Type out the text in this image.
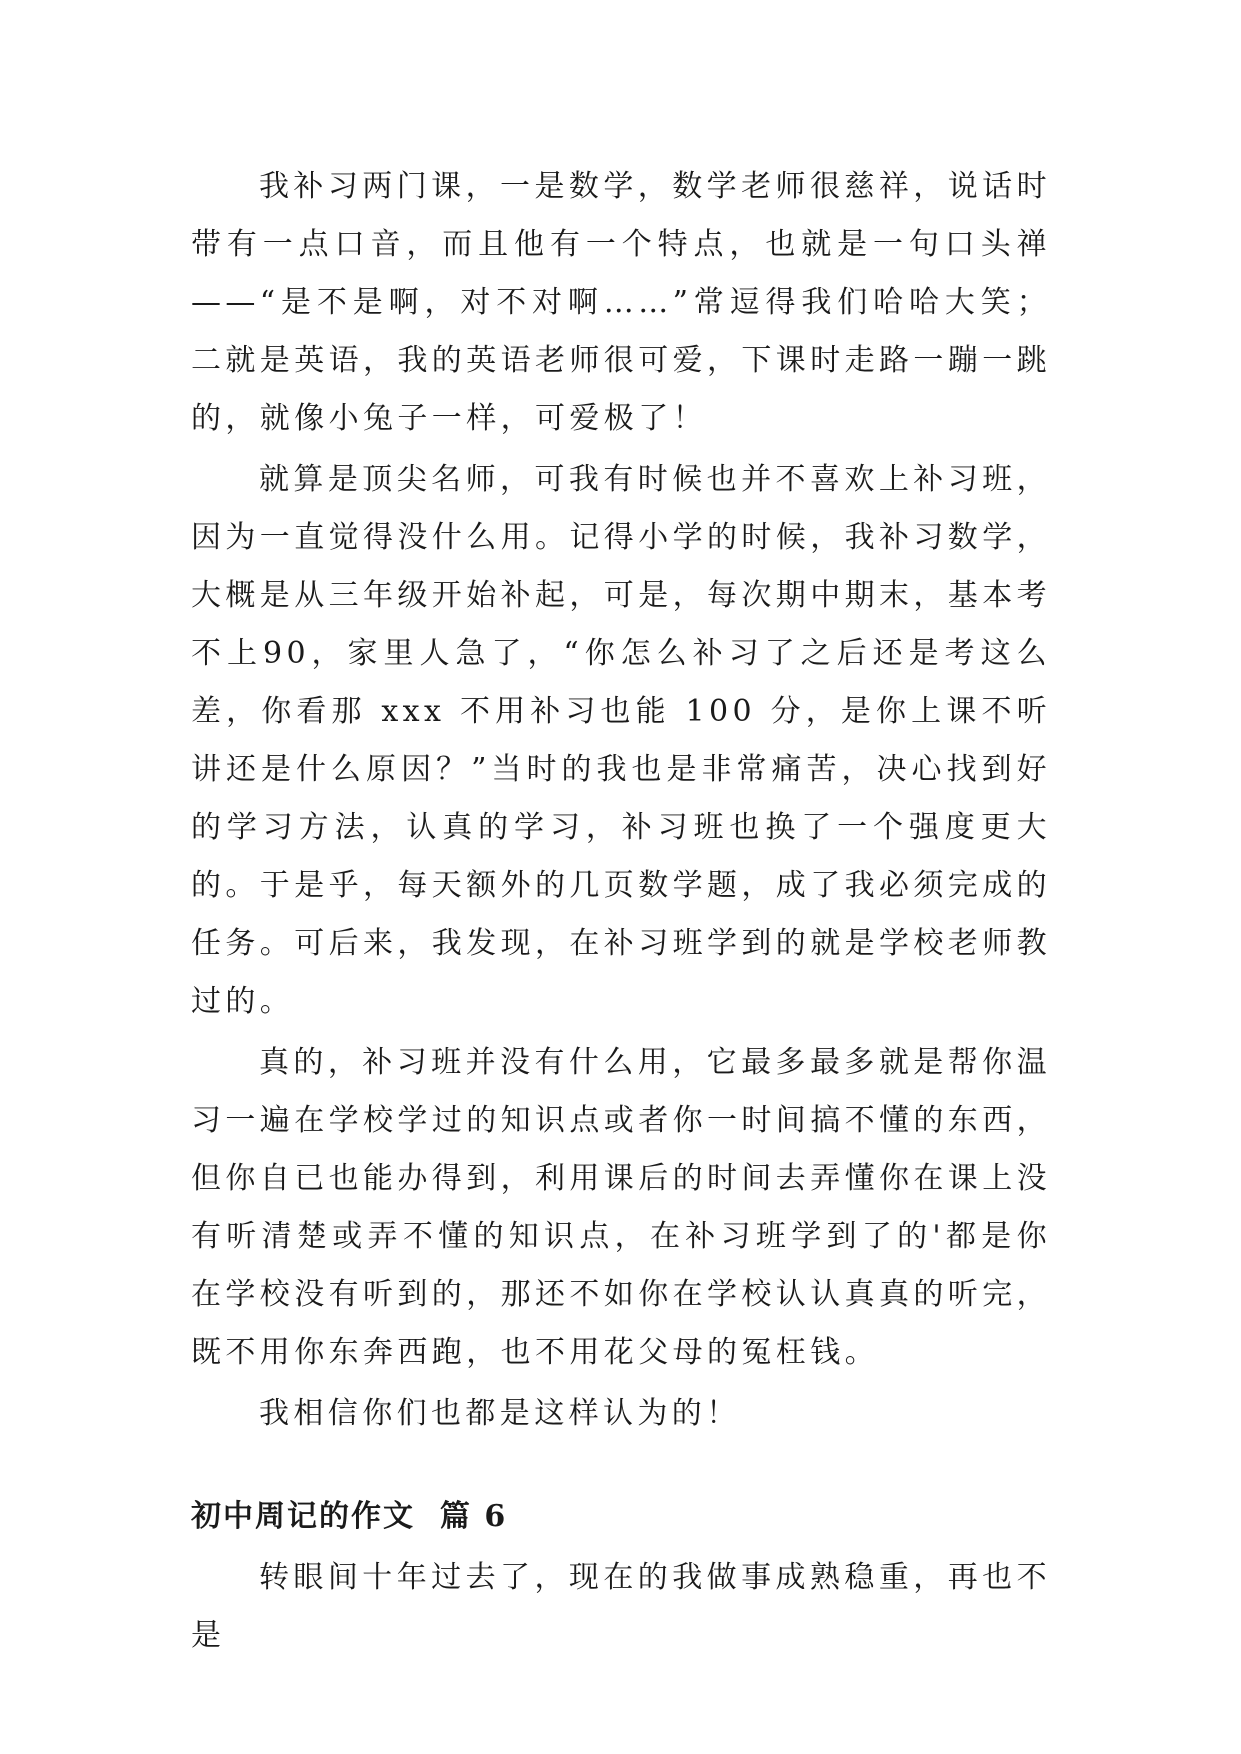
我补习两门课，一是数学，数学老师很慈祥，说话时带有一点口音，而且他有一个特点，也就是一句口头禅——“是不是啊，对不对啊……”常逗得我们哈哈大笑；二就是英语，我的英语老师很可爱，下课时走路一蹦一跳的，就像小兔子一样，可爱极了！

就算是顶尖名师，可我有时候也并不喜欢上补习班，因为一直觉得没什么用。记得小学的时候，我补习数学，大概是从三年级开始补起，可是，每次期中期末，基本考不上90，家里人急了，“你怎么补习了之后还是考这么差，你看那 xxx 不用补习也能 100 分，是你上课不听讲还是什么原因？”当时的我也是非常痛苦，决心找到好的学习方法，认真的学习，补习班也换了一个强度更大的。于是乎，每天额外的几页数学题，成了我必须完成的任务。可后来，我发现，在补习班学到的就是学校老师教过的。

真的，补习班并没有什么用，它最多最多就是帮你温习一遍在学校学过的知识点或者你一时间搞不懂的东西，但你自已也能办得到，利用课后的时间去弄懂你在课上没有听清楚或弄不懂的知识点，在补习班学到了的'都是你在学校没有听到的，那还不如你在学校认认真真的听完，既不用你东奔西跑，也不用花父母的冤枉钱。

我相信你们也都是这样认为的！

初中周记的作文  篇 6

转眼间十年过去了，现在的我做事成熟稳重，再也不是
